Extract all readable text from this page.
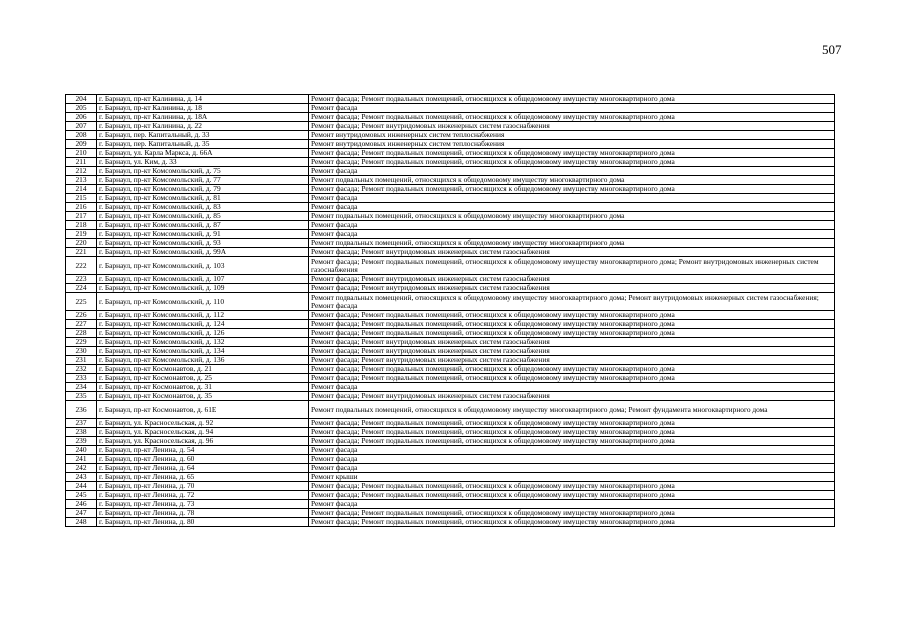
507
204	г. Барнаул, пр-кт Калинина, д. 14	Ремонт фасада; Ремонт подвальных помещений, относящихся к общедомовому имуществу многоквартирного дома
205	г. Барнаул, пр-кт Калинина, д. 18	Ремонт фасада
206	г. Барнаул, пр-кт Калинина, д. 18А	Ремонт фасада; Ремонт подвальных помещений, относящихся к общедомовому имуществу многоквартирного дома
207	г. Барнаул, пр-кт Калинина, д. 22	Ремонт фасада; Ремонт внутридомовых инженерных систем газоснабжения
208	г. Барнаул, пер. Капитальный, д. 33	Ремонт внутридомовых инженерных систем теплоснабжения
209	г. Барнаул, пер. Капитальный, д. 35	Ремонт внутридомовых инженерных систем теплоснабжения
210	г. Барнаул, ул. Карла Маркса, д. 66А	Ремонт фасада; Ремонт подвальных помещений, относящихся к общедомовому имуществу многоквартирного дома
211	г. Барнаул, ул. Ким, д. 33	Ремонт фасада; Ремонт подвальных помещений, относящихся к общедомовому имуществу многоквартирного дома
212	г. Барнаул, пр-кт Комсомольский, д. 75	Ремонт фасада
213	г. Барнаул, пр-кт Комсомольский, д. 77	Ремонт подвальных помещений, относящихся к общедомовому имуществу многоквартирного дома
214	г. Барнаул, пр-кт Комсомольский, д. 79	Ремонт фасада; Ремонт подвальных помещений, относящихся к общедомовому имуществу многоквартирного дома
215	г. Барнаул, пр-кт Комсомольский, д. 81	Ремонт фасада
216	г. Барнаул, пр-кт Комсомольский, д. 83	Ремонт фасада
217	г. Барнаул, пр-кт Комсомольский, д. 85	Ремонт подвальных помещений, относящихся к общедомовому имуществу многоквартирного дома
218	г. Барнаул, пр-кт Комсомольский, д. 87	Ремонт фасада
219	г. Барнаул, пр-кт Комсомольский, д. 91	Ремонт фасада
220	г. Барнаул, пр-кт Комсомольский, д. 93	Ремонт подвальных помещений, относящихся к общедомовому имуществу многоквартирного дома
221	г. Барнаул, пр-кт Комсомольский, д. 99А	Ремонт фасада; Ремонт внутридомовых инженерных систем газоснабжения
222	г. Барнаул, пр-кт Комсомольский, д. 103	Ремонт фасада; Ремонт подвальных помещений, относящихся к общедомовому имуществу многоквартирного дома; Ремонт внутридомовых инженерных систем газоснабжения
223	г. Барнаул, пр-кт Комсомольский, д. 107	Ремонт фасада; Ремонт внутридомовых инженерных систем газоснабжения
224	г. Барнаул, пр-кт Комсомольский, д. 109	Ремонт фасада; Ремонт внутридомовых инженерных систем газоснабжения
225	г. Барнаул, пр-кт Комсомольский, д. 110	Ремонт подвальных помещений, относящихся к общедомовому имуществу многоквартирного дома; Ремонт внутридомовых инженерных систем газоснабжения; Ремонт фасада
226	г. Барнаул, пр-кт Комсомольский, д. 112	Ремонт фасада; Ремонт подвальных помещений, относящихся к общедомовому имуществу многоквартирного дома
227	г. Барнаул, пр-кт Комсомольский, д. 124	Ремонт фасада; Ремонт подвальных помещений, относящихся к общедомовому имуществу многоквартирного дома
228	г. Барнаул, пр-кт Комсомольский, д. 126	Ремонт фасада; Ремонт подвальных помещений, относящихся к общедомовому имуществу многоквартирного дома
229	г. Барнаул, пр-кт Комсомольский, д. 132	Ремонт фасада; Ремонт внутридомовых инженерных систем газоснабжения
230	г. Барнаул, пр-кт Комсомольский, д. 134	Ремонт фасада; Ремонт внутридомовых инженерных систем газоснабжения
231	г. Барнаул, пр-кт Комсомольский, д. 136	Ремонт фасада; Ремонт внутридомовых инженерных систем газоснабжения
232	г. Барнаул, пр-кт Космонавтов, д. 21	Ремонт фасада; Ремонт подвальных помещений, относящихся к общедомовому имуществу многоквартирного дома
233	г. Барнаул, пр-кт Космонавтов, д. 25	Ремонт фасада; Ремонт подвальных помещений, относящихся к общедомовому имуществу многоквартирного дома
234	г. Барнаул, пр-кт Космонавтов, д. 31	Ремонт фасада
235	г. Барнаул, пр-кт Космонавтов, д. 35	Ремонт фасада; Ремонт внутридомовых инженерных систем газоснабжения
236	г. Барнаул, пр-кт Космонавтов, д. 61Е	Ремонт подвальных помещений, относящихся к общедомовому имуществу многоквартирного дома; Ремонт фундамента многоквартирного дома
237	г. Барнаул, ул. Красносельская, д. 92	Ремонт фасада; Ремонт подвальных помещений, относящихся к общедомовому имуществу многоквартирного дома
238	г. Барнаул, ул. Красносельская, д. 94	Ремонт фасада; Ремонт подвальных помещений, относящихся к общедомовому имуществу многоквартирного дома
239	г. Барнаул, ул. Красносельская, д. 96	Ремонт фасада; Ремонт подвальных помещений, относящихся к общедомовому имуществу многоквартирного дома
240	г. Барнаул, пр-кт Ленина, д. 54	Ремонт фасада
241	г. Барнаул, пр-кт Ленина, д. 60	Ремонт фасада
242	г. Барнаул, пр-кт Ленина, д. 64	Ремонт фасада
243	г. Барнаул, пр-кт Ленина, д. 65	Ремонт крыши
244	г. Барнаул, пр-кт Ленина, д. 70	Ремонт фасада; Ремонт подвальных помещений, относящихся к общедомовому имуществу многоквартирного дома
245	г. Барнаул, пр-кт Ленина, д. 72	Ремонт фасада; Ремонт подвальных помещений, относящихся к общедомовому имуществу многоквартирного дома
246	г. Барнаул, пр-кт Ленина, д. 73	Ремонт фасада
247	г. Барнаул, пр-кт Ленина, д. 78	Ремонт фасада; Ремонт подвальных помещений, относящихся к общедомовому имуществу многоквартирного дома
248	г. Барнаул, пр-кт Ленина, д. 80	Ремонт фасада; Ремонт подвальных помещений, относящихся к общедомовому имуществу многоквартирного дома
